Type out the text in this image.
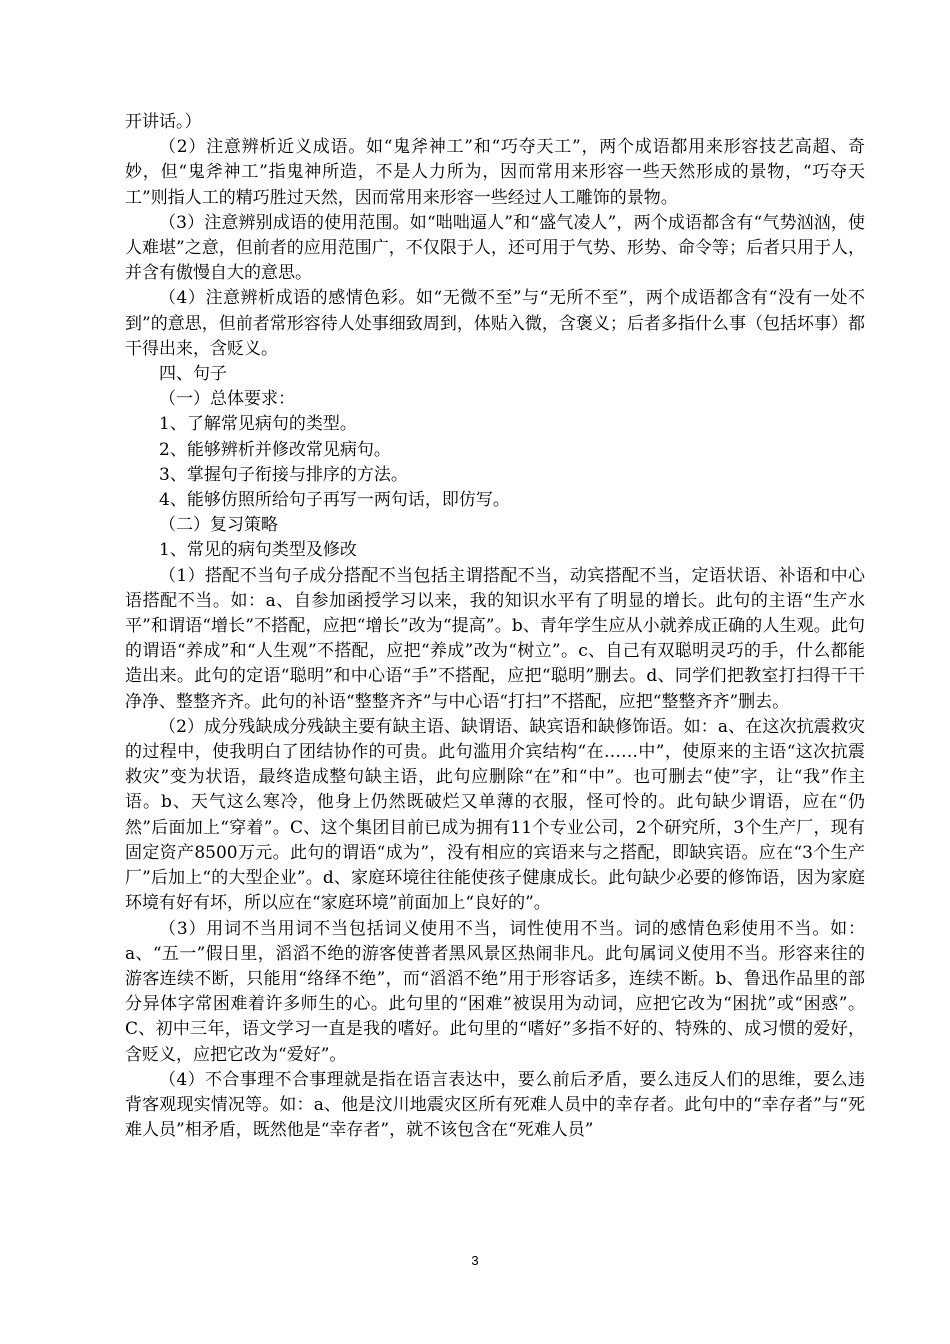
开讲话。）

（2）注意辨析近义成语。如“鬼斧神工”和“巧夺天工”，两个成语都用来形容技艺高超、奇妙，但“鬼斧神工”指鬼神所造，不是人力所为，因而常用来形容一些天然形成的景物，“巧夺天工”则指人工的精巧胜过天然，因而常用来形容一些经过人工雕饰的景物。

（3）注意辨别成语的使用范围。如“咄咄逼人”和“盛气凌人”，两个成语都含有“气势汹汹，使人难堪”之意，但前者的应用范围广，不仅限于人，还可用于气势、形势、命令等；后者只用于人，并含有傲慢自大的意思。

（4）注意辨析成语的感情色彩。如“无微不至”与“无所不至”，两个成语都含有“没有一处不到”的意思，但前者常形容待人处事细致周到，体贴入微，含褒义；后者多指什么事（包括坏事）都干得出来，含贬义。

四、句子

（一）总体要求：

1、了解常见病句的类型。

2、能够辨析并修改常见病句。

3、掌握句子衔接与排序的方法。

4、能够仿照所给句子再写一两句话，即仿写。

（二）复习策略

1、常见的病句类型及修改

（1）搭配不当句子成分搭配不当包括主谓搭配不当，动宾搭配不当，定语状语、补语和中心语搭配不当。如：a、自参加函授学习以来，我的知识水平有了明显的增长。此句的主语“生产水平”和谓语“增长”不搭配，应把“增长”改为“提高”。b、青年学生应从小就养成正确的人生观。此句的谓语“养成”和“人生观”不搭配，应把“养成”改为“树立”。c、自己有双聪明灵巧的手，什么都能造出来。此句的定语“聪明”和中心语“手”不搭配，应把“聪明”删去。d、同学们把教室打扫得干干净净、整整齐齐。此句的补语“整整齐齐”与中心语“打扫”不搭配，应把“整整齐齐”删去。

（2）成分残缺成分残缺主要有缺主语、缺谓语、缺宾语和缺修饰语。如：a、在这次抗震救灾的过程中，使我明白了团结协作的可贵。此句滥用介宾结构“在……中”，使原来的主语“这次抗震救灾”变为状语，最终造成整句缺主语，此句应删除“在”和“中”。也可删去“使”字，让“我”作主语。b、天气这么寒冷，他身上仍然既破烂又单薄的衣服，怪可怜的。此句缺少谓语，应在“仍然”后面加上“穿着”。C、这个集团目前已成为拥有11个专业公司，2个研究所，3个生产厂，现有固定资产8500万元。此句的谓语“成为”，没有相应的宾语来与之搭配，即缺宾语。应在“3个生产厂”后加上“的大型企业”。d、家庭环境往往能使孩子健康成长。此句缺少必要的修饰语，因为家庭环境有好有坏，所以应在“家庭环境”前面加上“良好的”。

（3）用词不当用词不当包括词义使用不当，词性使用不当。词的感情色彩使用不当。如：a、“五一”假日里，滔滔不绝的游客使普者黑风景区热闹非凡。此句属词义使用不当。形容来往的游客连续不断，只能用“络绎不绝”，而“滔滔不绝”用于形容话多，连续不断。b、鲁迅作品里的部分异体字常困难着许多师生的心。此句里的“困难”被误用为动词，应把它改为“困扰”或“困惑”。C、初中三年，语文学习一直是我的嗜好。此句里的“嗜好”多指不好的、特殊的、成习惯的爱好，含贬义，应把它改为“爱好”。

（4）不合事理不合事理就是指在语言表达中，要么前后矛盾，要么违反人们的思维，要么违背客观现实情况等。如：a、他是汶川地震灾区所有死难人员中的幸存者。此句中的“幸存者”与“死难人员”相矛盾，既然他是“幸存者”，就不该包含在“死难人员”

3
